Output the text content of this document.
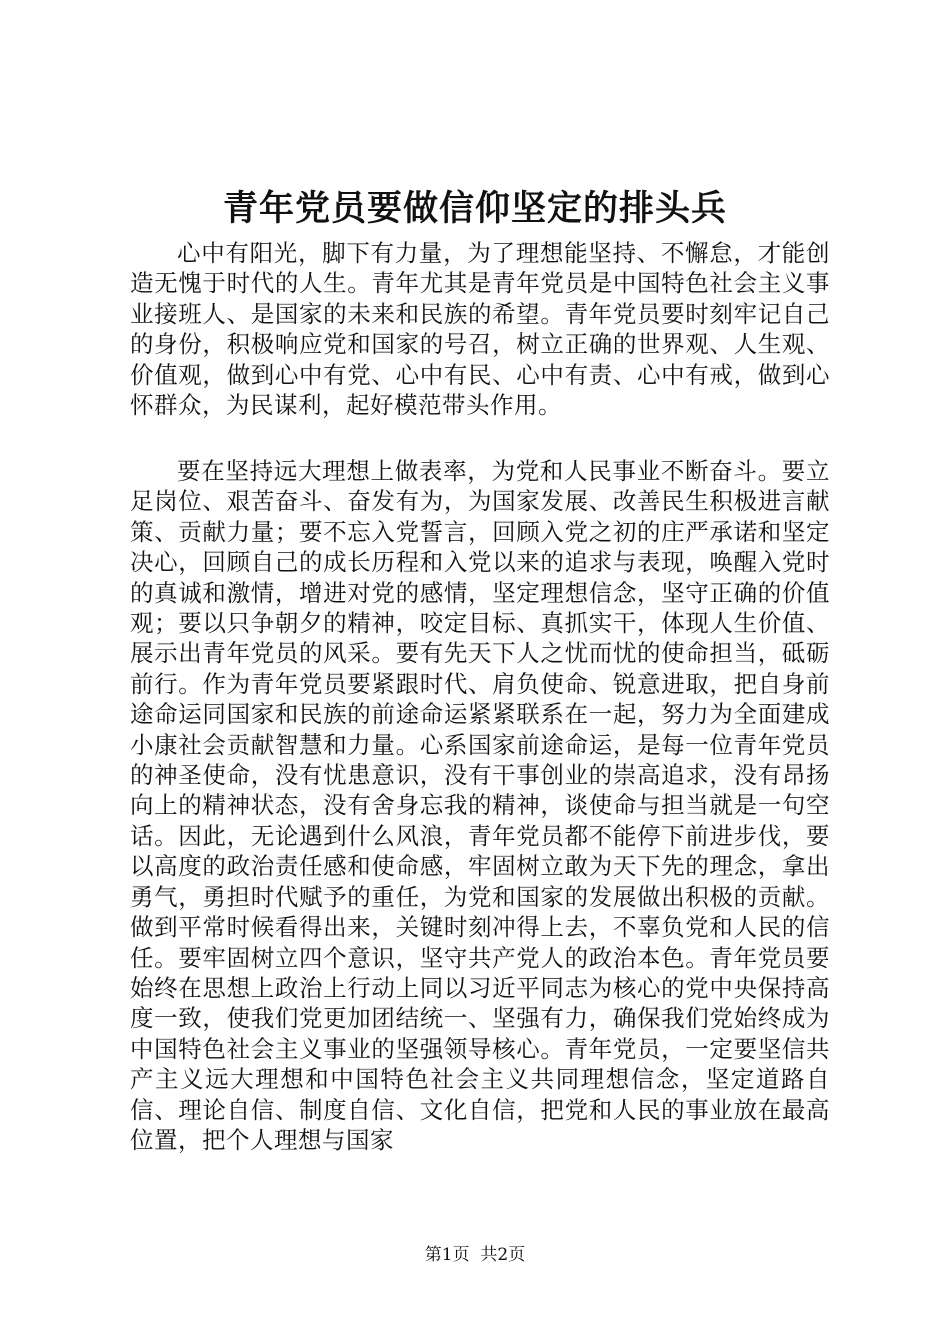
青年党员要做信仰坚定的排头兵

心中有阳光，脚下有力量，为了理想能坚持、不懈怠，才能创造无愧于时代的人生。青年尤其是青年党员是中国特色社会主义事业接班人、是国家的未来和民族的希望。青年党员要时刻牢记自己的身份，积极响应党和国家的号召，树立正确的世界观、人生观、价值观，做到心中有党、心中有民、心中有责、心中有戒，做到心怀群众，为民谋利，起好模范带头作用。

要在坚持远大理想上做表率，为党和人民事业不断奋斗。要立足岗位、艰苦奋斗、奋发有为，为国家发展、改善民生积极进言献策、贡献力量；要不忘入党誓言，回顾入党之初的庄严承诺和坚定决心，回顾自己的成长历程和入党以来的追求与表现，唤醒入党时的真诚和激情，增进对党的感情，坚定理想信念，坚守正确的价值观；要以只争朝夕的精神，咬定目标、真抓实干，体现人生价值、展示出青年党员的风采。要有先天下人之忧而忧的使命担当，砥砺前行。作为青年党员要紧跟时代、肩负使命、锐意进取，把自身前途命运同国家和民族的前途命运紧紧联系在一起，努力为全面建成小康社会贡献智慧和力量。心系国家前途命运，是每一位青年党员的神圣使命，没有忧患意识，没有干事创业的崇高追求，没有昂扬向上的精神状态，没有舍身忘我的精神，谈使命与担当就是一句空话。因此，无论遇到什么风浪，青年党员都不能停下前进步伐，要以高度的政治责任感和使命感，牢固树立敢为天下先的理念，拿出勇气，勇担时代赋予的重任，为党和国家的发展做出积极的贡献。做到平常时候看得出来，关键时刻冲得上去，不辜负党和人民的信任。要牢固树立四个意识，坚守共产党人的政治本色。青年党员要始终在思想上政治上行动上同以习近平同志为核心的党中央保持高度一致，使我们党更加团结统一、坚强有力，确保我们党始终成为中国特色社会主义事业的坚强领导核心。青年党员，一定要坚信共产主义远大理想和中国特色社会主义共同理想信念，坚定道路自信、理论自信、制度自信、文化自信，把党和人民的事业放在最高位置，把个人理想与国家

第1页  共2页
